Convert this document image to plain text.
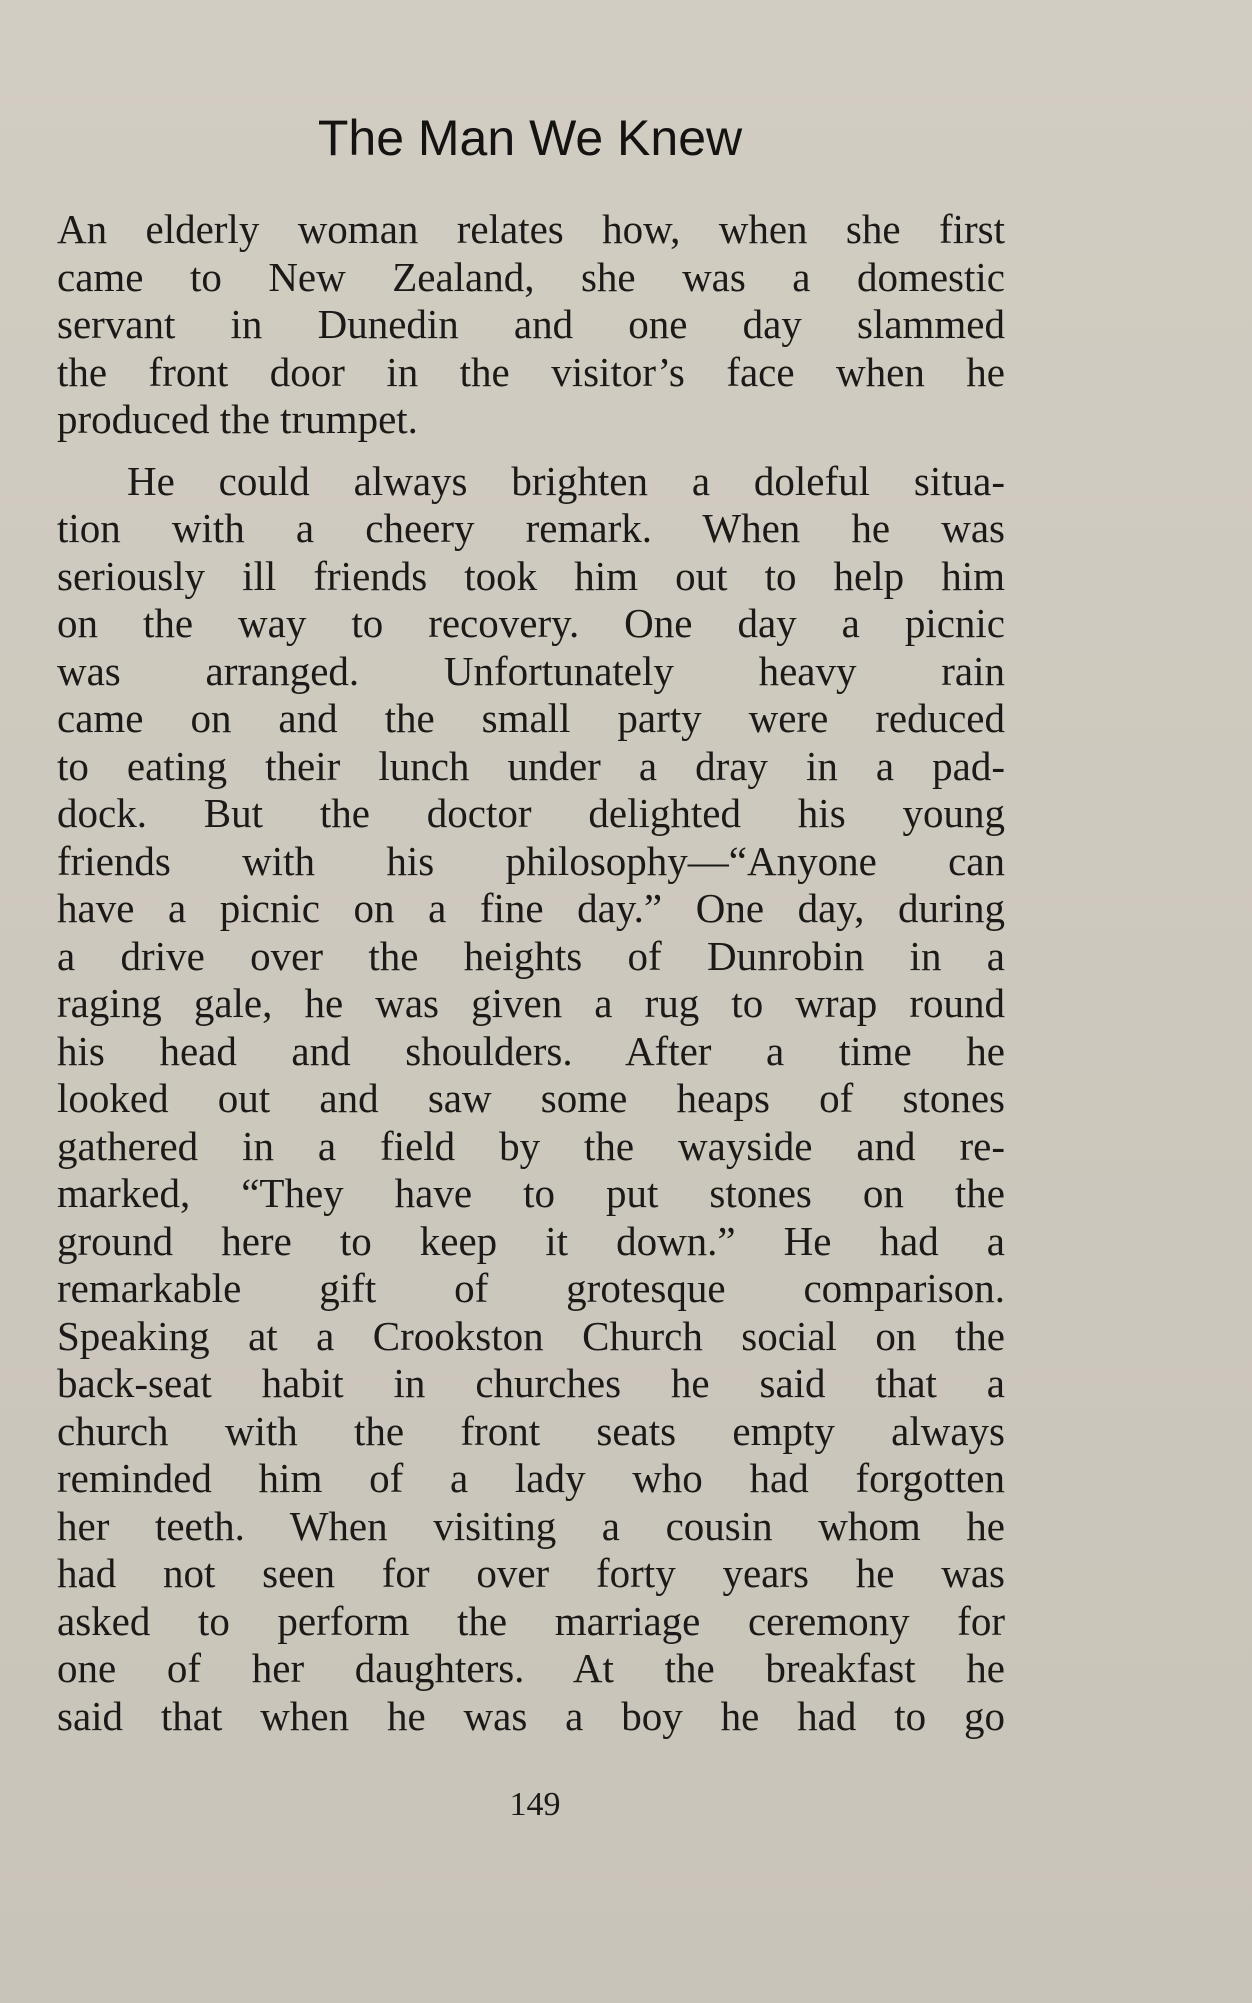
The Man We Knew
An elderly woman relates how, when she first
came to New Zealand, she was a domestic
servant in Dunedin and one day slammed
the front door in the visitor’s face when he
produced the trumpet.
He could always brighten a doleful situa-
tion with a cheery remark. When he was
seriously ill friends took him out to help him
on the way to recovery. One day a picnic
was arranged. Unfortunately heavy rain
came on and the small party were reduced
to eating their lunch under a dray in a pad-
dock. But the doctor delighted his young
friends with his philosophy—“Anyone can
have a picnic on a fine day.” One day, during
a drive over the heights of Dunrobin in a
raging gale, he was given a rug to wrap round
his head and shoulders. After a time he
looked out and saw some heaps of stones
gathered in a field by the wayside and re-
marked, “They have to put stones on the
ground here to keep it down.” He had a
remarkable gift of grotesque comparison.
Speaking at a Crookston Church social on the
back-seat habit in churches he said that a
church with the front seats empty always
reminded him of a lady who had forgotten
her teeth. When visiting a cousin whom he
had not seen for over forty years he was
asked to perform the marriage ceremony for
one of her daughters. At the breakfast he
said that when he was a boy he had to go
149
